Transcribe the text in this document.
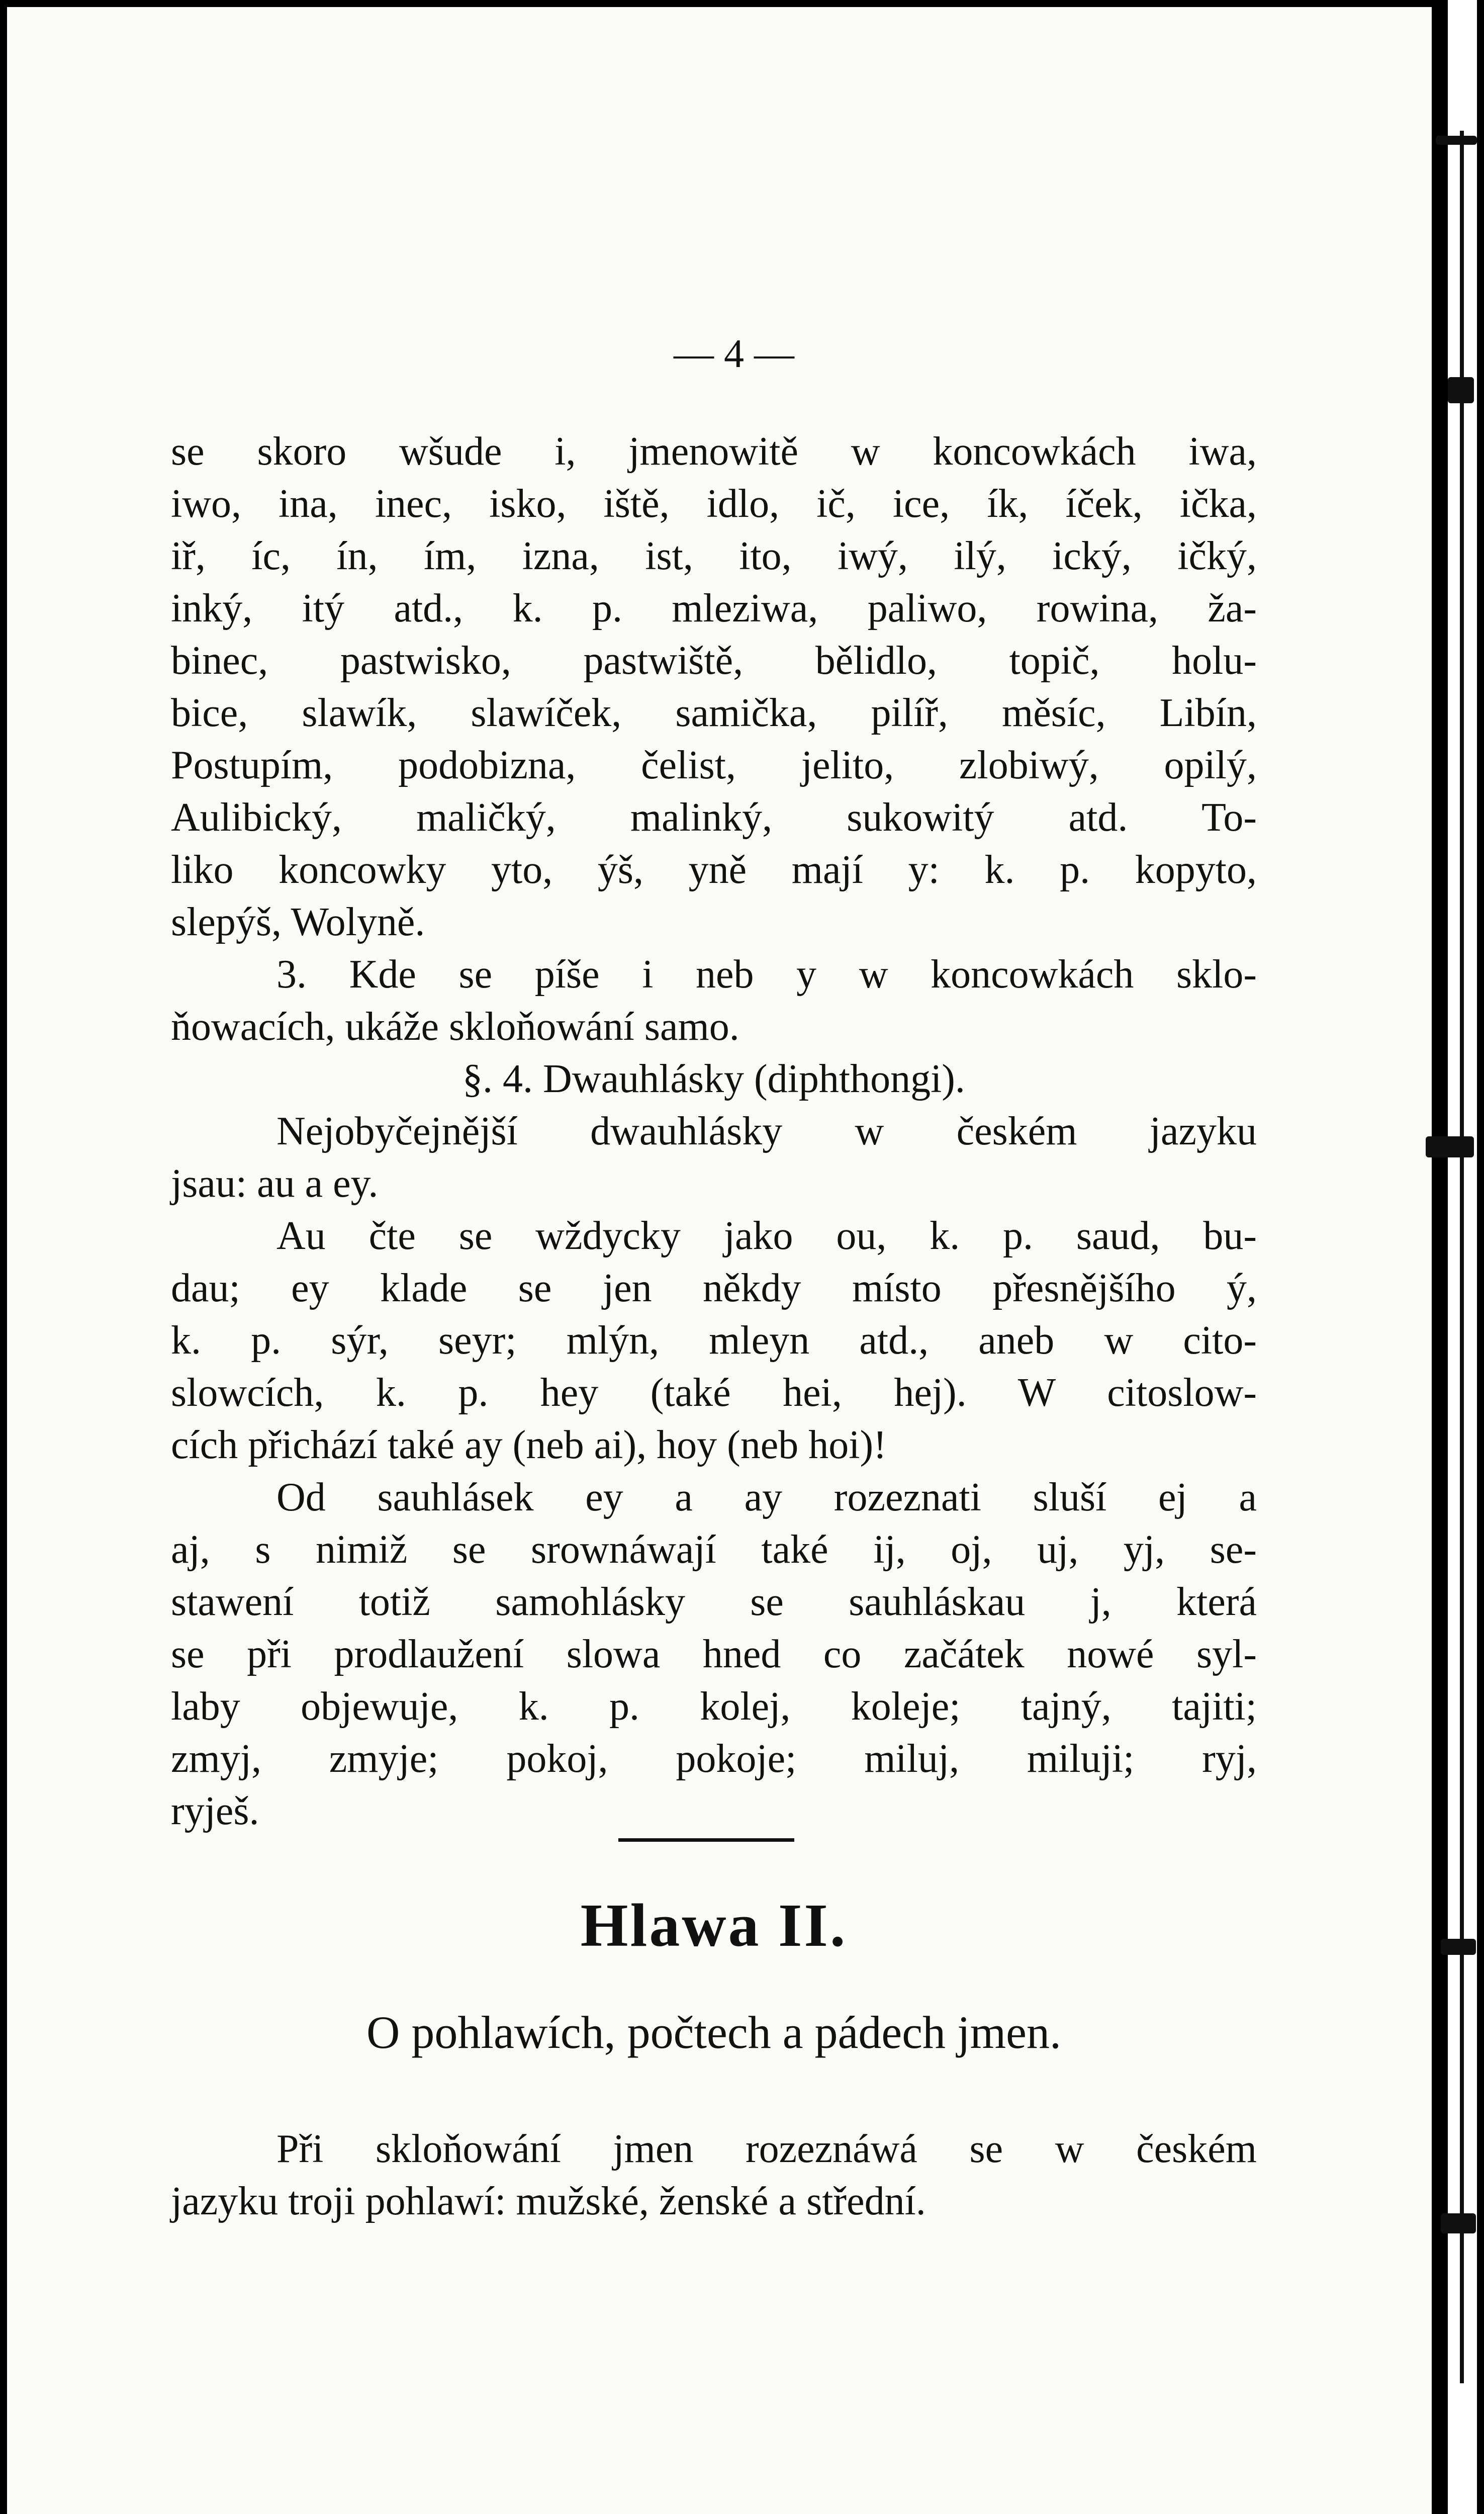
— 4 —
se skoro wšude i, jmenowitě w koncowkách iwa,
iwo, ina, inec, isko, iště, idlo, ič, ice, ík, íček, ička,
iř, íc, ín, ím, izna, ist, ito, iwý, ilý, ický, ičký,
inký, itý atd., k. p. mleziwa, paliwo, rowina, ža-
binec, pastwisko, pastwiště, bělidlo, topič, holu-
bice, slawík, slawíček, samička, pilíř, měsíc, Libín,
Postupím, podobizna, čelist, jelito, zlobiwý, opilý,
Aulibický, maličký, malinký, sukowitý atd. To-
liko koncowky yto, ýš, yně mají y: k. p. kopyto,
slepýš, Wolyně.
3. Kde se píše i neb y w koncowkách sklo-
ňowacích, ukáže skloňowání samo.
§. 4. Dwauhlásky (diphthongi).
Nejobyčejnější dwauhlásky w českém jazyku
jsau: au a ey.
Au čte se wždycky jako ou, k. p. saud, bu-
dau; ey klade se jen někdy místo přesnějšího ý,
k. p. sýr, seyr; mlýn, mleyn atd., aneb w cito-
slowcích, k. p. hey (také hei, hej). W citoslow-
cích přichází také ay (neb ai), hoy (neb hoi)!
Od sauhlásek ey a ay rozeznati sluší ej a
aj, s nimiž se srownáwají také ij, oj, uj, yj, se-
stawení totiž samohlásky se sauhláskau j, která
se při prodlaužení slowa hned co začátek nowé syl-
laby objewuje, k. p. kolej, koleje; tajný, tajiti;
zmyj, zmyje; pokoj, pokoje; miluj, miluji; ryj,
ryješ.
Hlawa II.
O pohlawích, počtech a pádech jmen.
Při skloňowání jmen rozeznáwá se w českém
jazyku troji pohlawí: mužské, ženské a střední.
